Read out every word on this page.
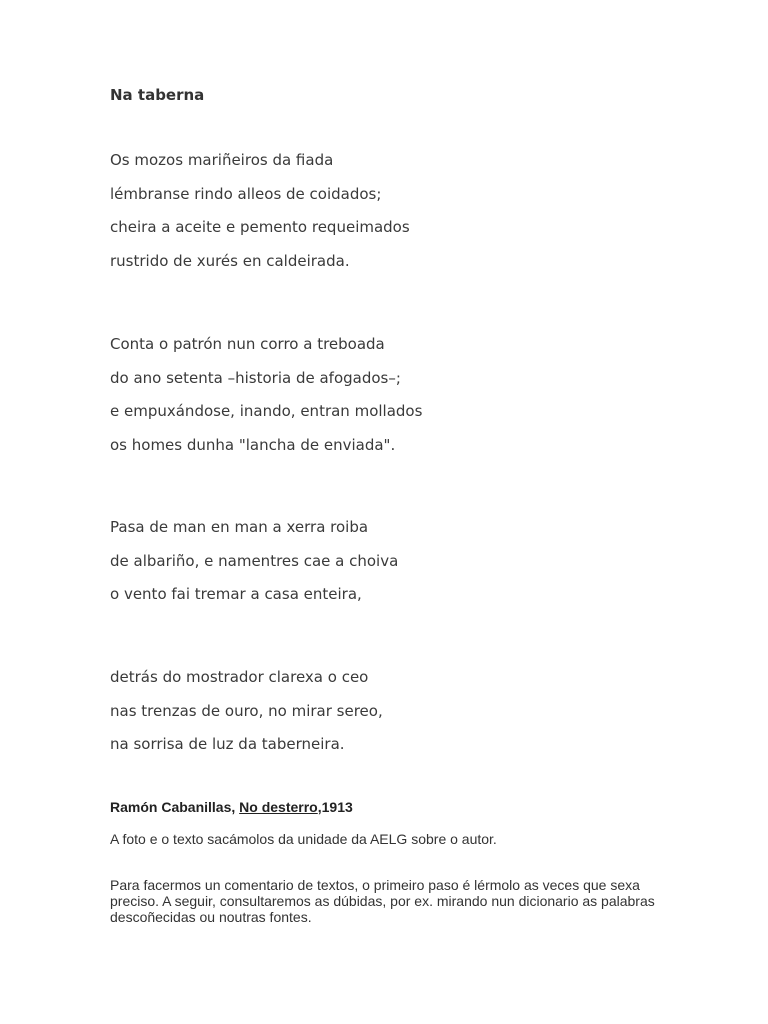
Na taberna
Os mozos mariñeiros da fiada
lémbranse rindo alleos de coidados;
cheira a aceite e pemento requeimados
rustrido de xurés en caldeirada.
Conta o patrón nun corro a treboada
do ano setenta –historia de afogados–;
e empuxándose, inando, entran mollados
os homes dunha "lancha de enviada".
Pasa de man en man a xerra roiba
de albariño, e namentres cae a choiva
o vento fai tremar a casa enteira,
detrás do mostrador clarexa o ceo
nas trenzas de ouro, no mirar sereo,
na sorrisa de luz da taberneira.
Ramón Cabanillas, No desterro,1913

A foto e o texto sacámolos da unidade da AELG sobre o autor.

Para facermos un comentario de textos, o primeiro paso é lérmolo as veces que sexa preciso. A seguir, consultaremos as dúbidas, por ex. mirando nun dicionario as palabras descoñecidas ou noutras fontes.
